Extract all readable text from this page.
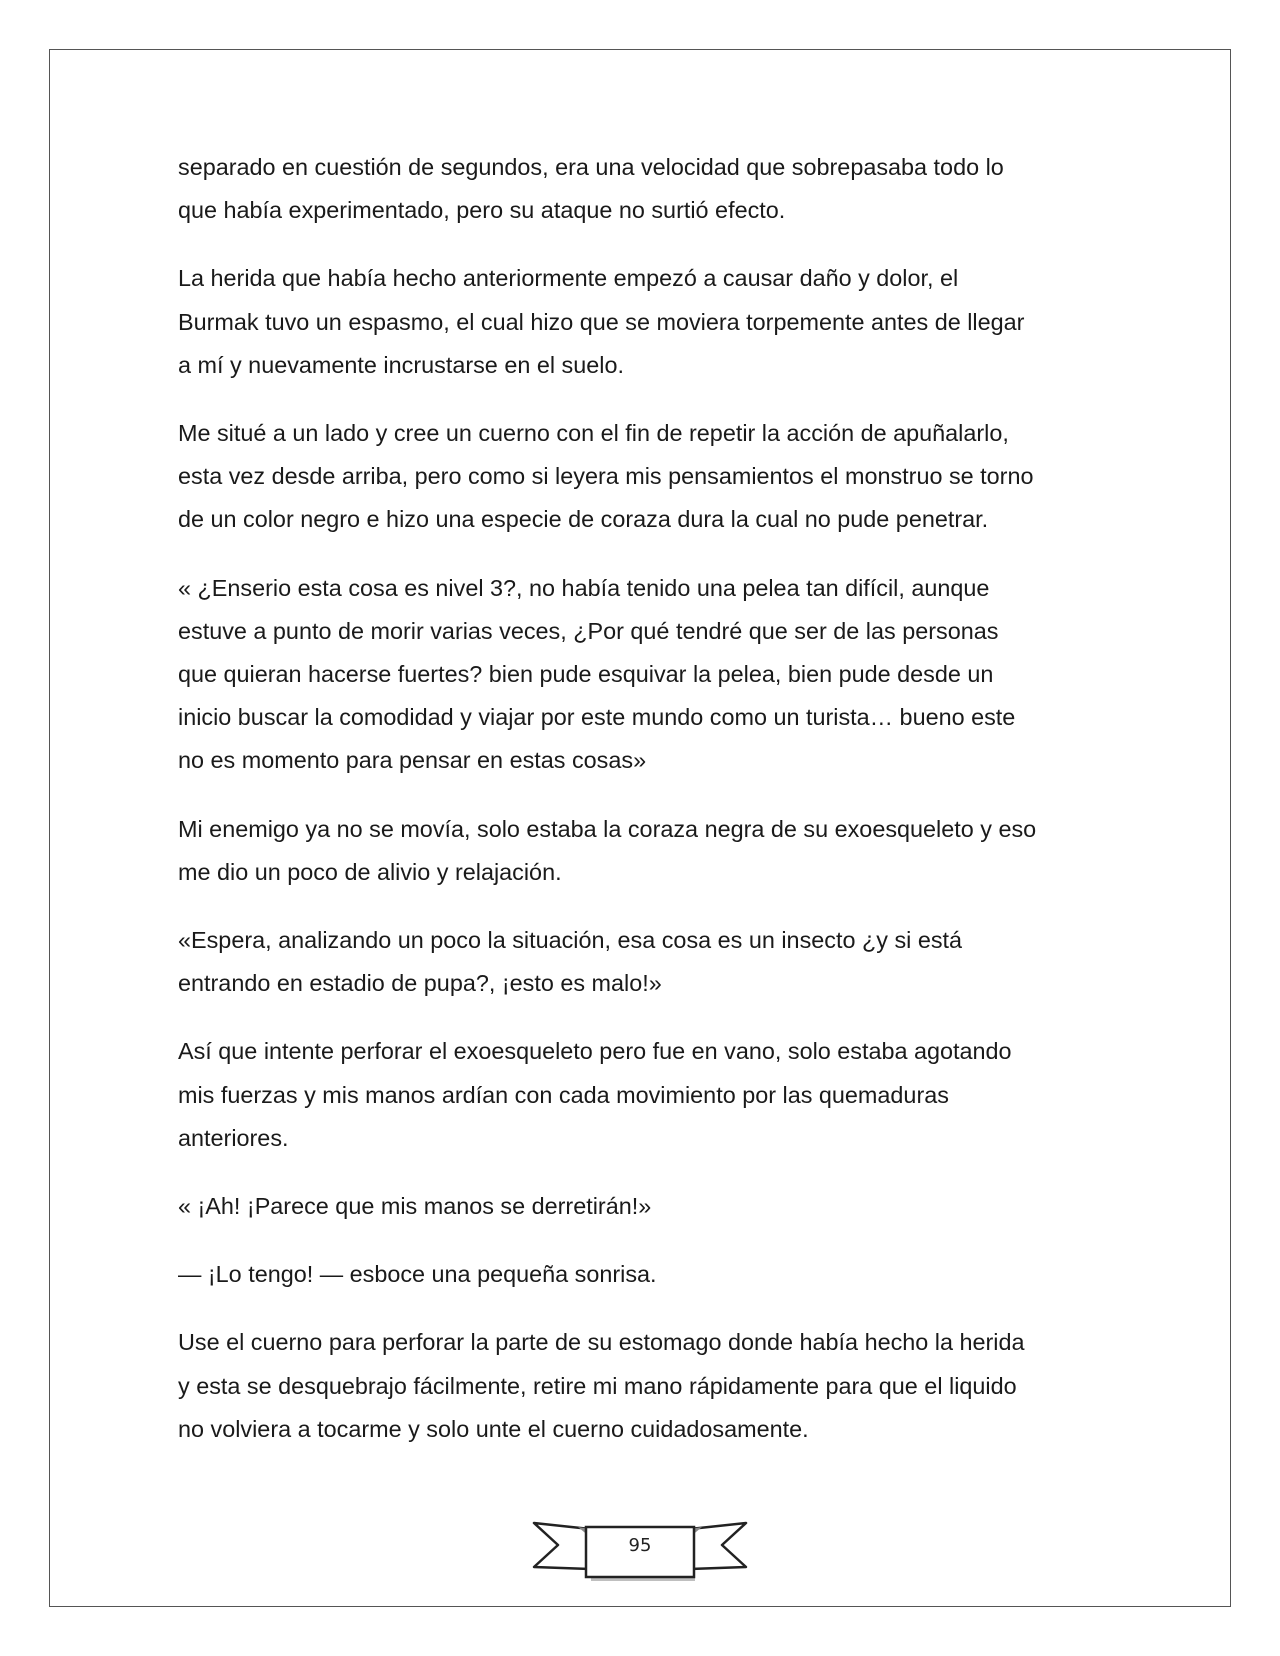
separado en cuestión de segundos, era una velocidad que sobrepasaba todo lo
que había experimentado, pero su ataque no surtió efecto.

La herida que había hecho anteriormente empezó a causar daño y dolor, el
Burmak tuvo un espasmo, el cual hizo que se moviera torpemente antes de llegar
a mí y nuevamente incrustarse en el suelo.

Me situé a un lado y cree un cuerno con el fin de repetir la acción de apuñalarlo,
esta vez desde arriba, pero como si leyera mis pensamientos el monstruo se torno
de un color negro e hizo una especie de coraza dura la cual no pude penetrar.

« ¿Enserio esta cosa es nivel 3?, no había tenido una pelea tan difícil, aunque
estuve a punto de morir varias veces, ¿Por qué tendré que ser de las personas
que quieran hacerse fuertes? bien pude esquivar la pelea, bien pude desde un
inicio buscar la comodidad y viajar por este mundo como un turista… bueno este
no es momento para pensar en estas cosas»

Mi enemigo ya no se movía, solo estaba la coraza negra de su exoesqueleto y eso
me dio un poco de alivio y relajación.

«Espera, analizando un poco la situación, esa cosa es un insecto ¿y si está
entrando en estadio de pupa?, ¡esto es malo!»

Así que intente perforar el exoesqueleto pero fue en vano, solo estaba agotando
mis fuerzas y mis manos ardían con cada movimiento por las quemaduras
anteriores.

« ¡Ah! ¡Parece que mis manos se derretirán!»

— ¡Lo tengo! — esboce una pequeña sonrisa.

Use el cuerno para perforar la parte de su estomago donde había hecho la herida
y esta se desquebrajo fácilmente, retire mi mano rápidamente para que el liquido
no volviera a tocarme y solo unte el cuerno cuidadosamente.

95
